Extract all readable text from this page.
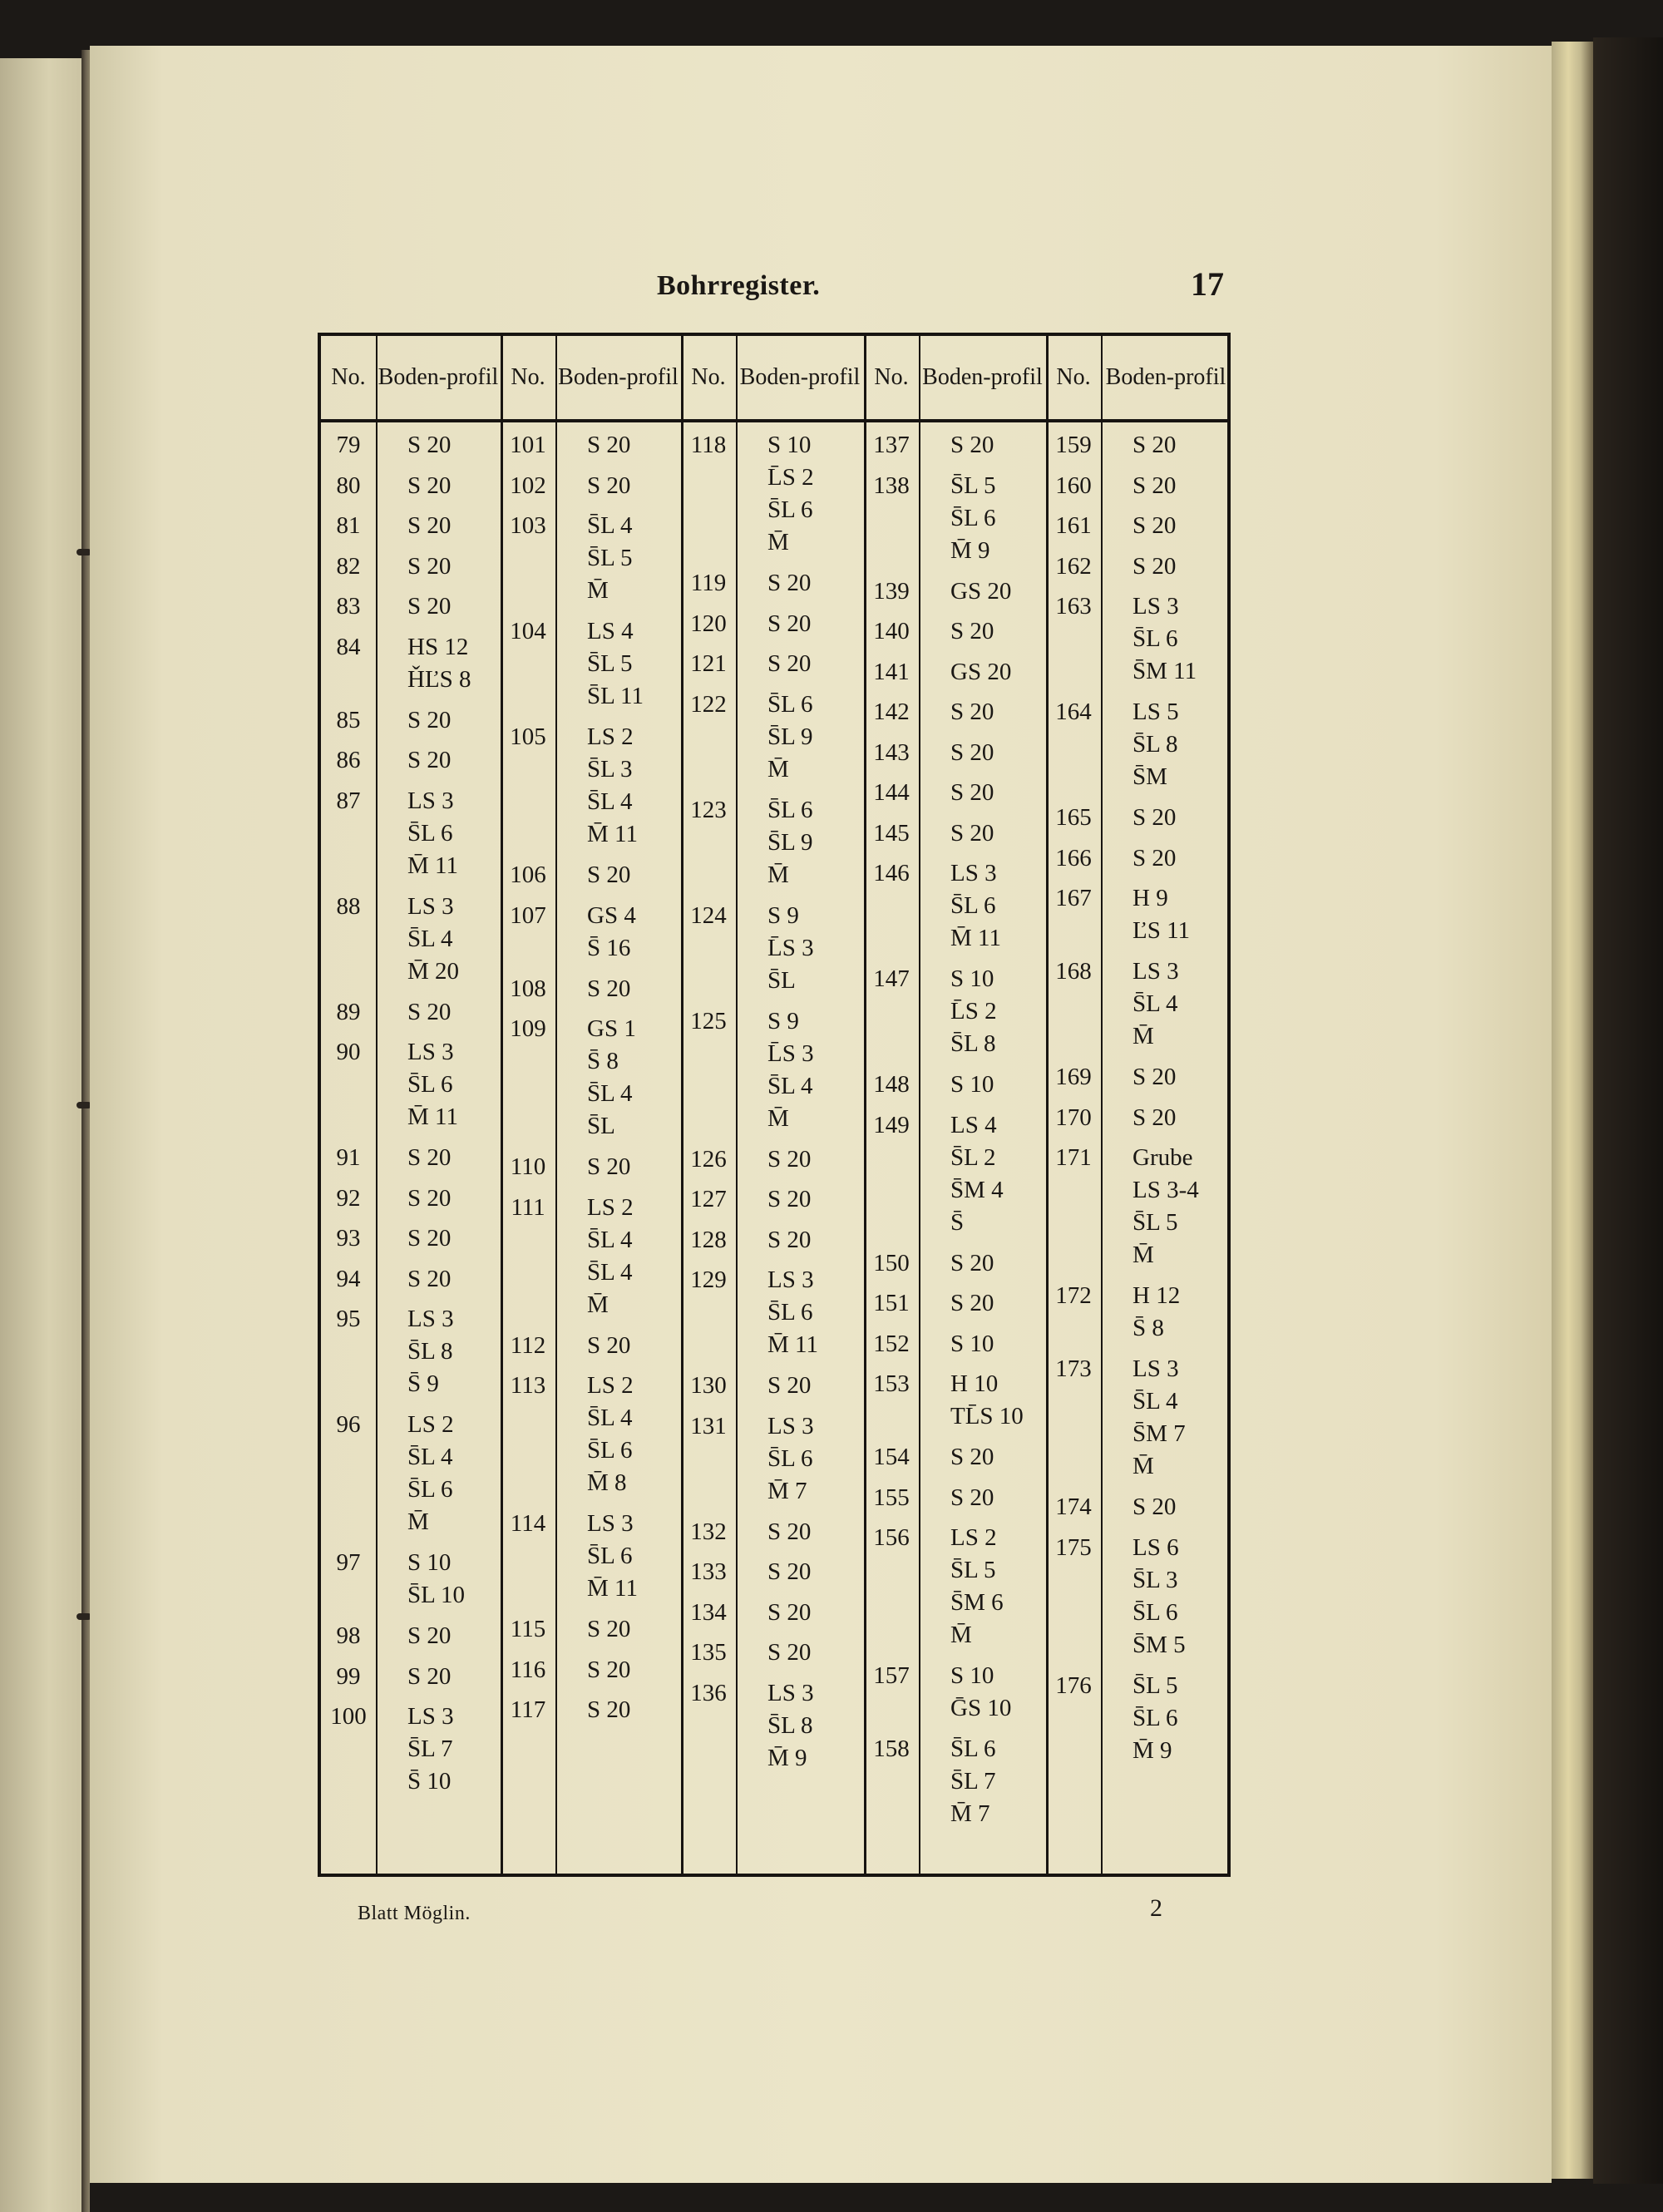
Bohrregister.	17
No. Boden- profil No. Boden- profil No. Boden- profil No. Boden- profil No. Boden- profil
79	S 20
80	S 20
81	S 20
82	S 20
83	S 20
84	HS 12
ȞĽS 8
85	S 20
86	S 20
87	LS 3
S̄L 6
M̄ 11
88	LS 3
S̄L 4
M̄ 20
89	S 20
90	LS 3
S̄L 6
M̄ 11
91	S 20
92	S 20
93	S 20
94	S 20
95	LS 3
S̄L 8
S̄ 9
96	LS 2
S̄L 4
S̄L 6
M̄
97	S 10
S̄L 10
98	S 20
99	S 20
100	LS 3
S̄L 7
S̄ 10
101	S 20
102	S 20
103	S̄L 4
S̄L 5
M̄
104	LS 4
S̄L 5
S̄L 11
105	LS 2
S̄L 3
S̄L 4
M̄ 11
106	S 20
107	GS 4
S̄ 16
108	S 20
109	GS 1
S̄ 8
S̄L 4
S̄L
110	S 20
111	LS 2
S̄L 4
S̄L 4
M̄
112	S 20
113	LS 2
S̄L 4
S̄L 6
M̄ 8
114	LS 3
S̄L 6
M̄ 11
115	S 20
116	S 20
117	S 20
118	S 10
L̄S 2
S̄L 6
M̄
119	S 20
120	S 20
121	S 20
122	S̄L 6
S̄L 9
M̄
123	S̄L 6
S̄L 9
M̄
124	S 9
L̄S 3
S̄L
125	S 9
L̄S 3
S̄L 4
M̄
126	S 20
127	S 20
128	S 20
129	LS 3
S̄L 6
M̄ 11
130	S 20
131	LS 3
S̄L 6
M̄ 7
132	S 20
133	S 20
134	S 20
135	S 20
136	LS 3
S̄L 8
M̄ 9
137	S 20
138	S̄L 5
S̄L 6
M̄ 9
139	GS 20
140	S 20
141	GS 20
142	S 20
143	S 20
144	S 20
145	S 20
146	LS 3
S̄L 6
M̄ 11
147	S 10
L̄S 2
S̄L 8
148	S 10
149	LS 4
S̄L 2
S̄M 4
S̄
150	S 20
151	S 20
152	S 10
153	H 10
TL̄S 10
154	S 20
155	S 20
156	LS 2
S̄L 5
S̄M 6
M̄
157	S 10
ḠS 10
158	S̄L 6
S̄L 7
M̄ 7
159	S 20
160	S 20
161	S 20
162	S 20
163	LS 3
S̄L 6
S̄M 11
164	LS 5
S̄L 8
S̄M
165	S 20
166	S 20
167	H 9
ĽS 11
168	LS 3
S̄L 4
M̄
169	S 20
170	S 20
171	Grube
LS 3-4
S̄L 5
M̄
172	H 12
S̄ 8
173	LS 3
S̄L 4
S̄M 7
M̄
174	S 20
175	LS 6
S̄L 3
S̄L 6
S̄M 5
176	S̄L 5
S̄L 6
M̄ 9
Blatt Möglin.	2
